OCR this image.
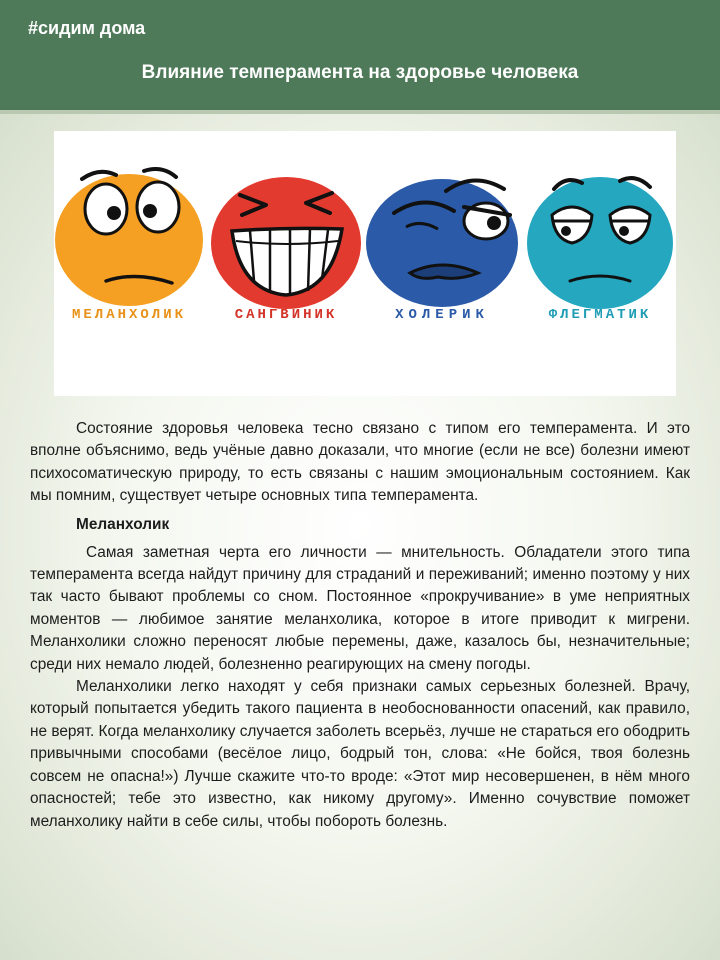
#сидим дома
Влияние темперамента на здоровье человека
МЕЛАНХОЛИК	САНГВИНИК	ХОЛЕРИК	ФЛЕГМАТИК

Состояние здоровья человека тесно связано с типом его темперамента. И это вполне объяснимо, ведь учёные давно доказали, что многие (если не все) болезни имеют психосоматическую природу, то есть связаны с нашим эмоциональным состоянием. Как мы помним, существует четыре основных типа темперамента.

Меланхолик

Самая заметная черта его личности — мнительность. Обладатели этого типа темперамента всегда найдут причину для страданий и переживаний; именно поэтому у них так часто бывают проблемы со сном. Постоянное «прокручивание» в уме неприятных моментов — любимое занятие меланхолика, которое в итоге приводит к мигрени. Меланхолики сложно переносят любые перемены, даже, казалось бы, незначительные; среди них немало людей, болезненно реагирующих на смену погоды.

Меланхолики легко находят у себя признаки самых серьезных болезней. Врачу, который попытается убедить такого пациента в необоснованности опасений, как правило, не верят. Когда меланхолику случается заболеть всерьёз, лучше не стараться его ободрить привычными способами (весёлое лицо, бодрый тон, слова: «Не бойся, твоя болезнь совсем не опасна!») Лучше скажите что-то вроде: «Этот мир несовершенен, в нём много опасностей; тебе это известно, как никому другому». Именно сочувствие поможет меланхолику найти в себе силы, чтобы побороть болезнь.
